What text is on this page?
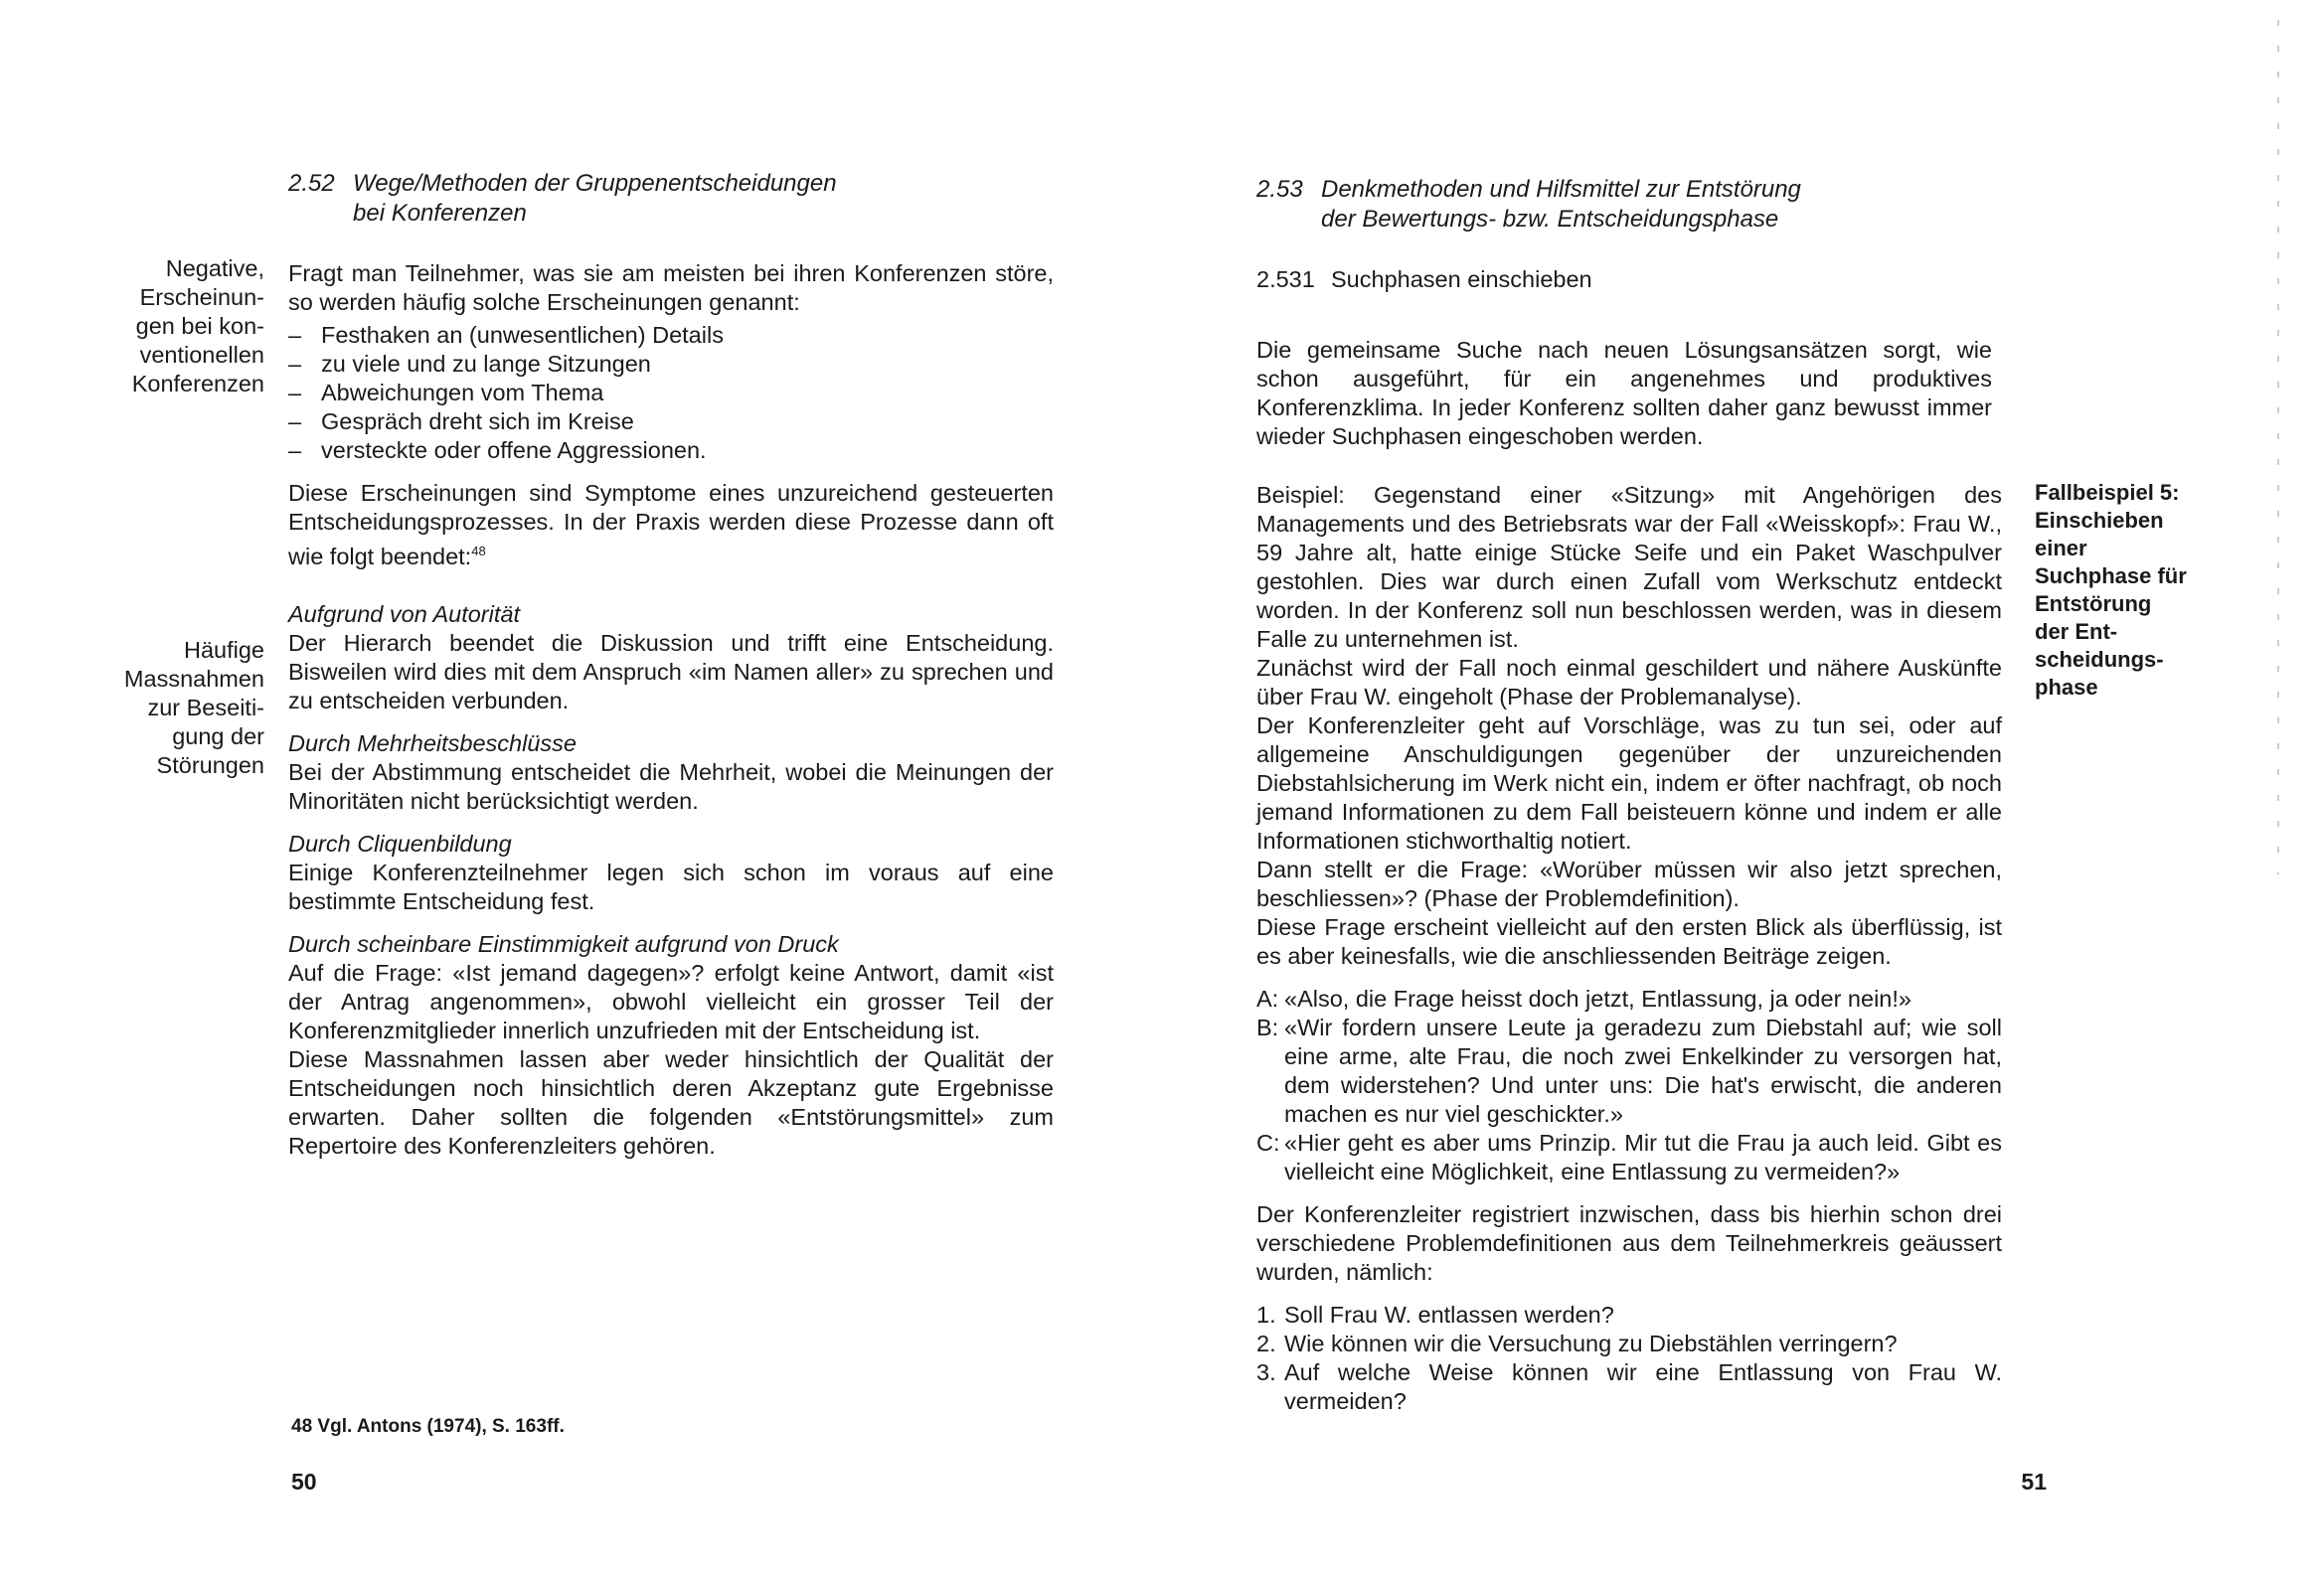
2.52 Wege/Methoden der Gruppenentscheidungen
bei Konferenzen
Negative,
Erscheinun-
gen bei kon-
ventionellen
Konferenzen
Häufige
Massnahmen
zur Beseiti-
gung der
Störungen

Fragt man Teilnehmer, was sie am meisten bei ihren Konferenzen störe, so werden häufig solche Erscheinungen genannt:

– Festhaken an (unwesentlichen) Details
– zu viele und zu lange Sitzungen
– Abweichungen vom Thema
– Gespräch dreht sich im Kreise
– versteckte oder offene Aggressionen.

Diese Erscheinungen sind Symptome eines unzureichend gesteuerten Entscheidungsprozesses. In der Praxis werden diese Prozesse dann oft wie folgt beendet:$^{48}$

Aufgrund von Autorität

Der Hierarch beendet die Diskussion und trifft eine Entscheidung. Bisweilen wird dies mit dem Anspruch «im Namen aller» zu sprechen und zu entscheiden verbunden.

Durch Mehrheitsbeschlüsse

Bei der Abstimmung entscheidet die Mehrheit, wobei die Meinungen der Minoritäten nicht berücksichtigt werden.

Durch Cliquenbildung

Einige Konferenzteilnehmer legen sich schon im voraus auf eine bestimmte Entscheidung fest.

Durch scheinbare Einstimmigkeit aufgrund von Druck

Auf die Frage: «Ist jemand dagegen»? erfolgt keine Antwort, damit «ist der Antrag angenommen», obwohl vielleicht ein grosser Teil der Konferenzmitglieder innerlich unzufrieden mit der Entscheidung ist.

Diese Massnahmen lassen aber weder hinsichtlich der Qualität der Entscheidungen noch hinsichtlich deren Akzeptanz gute Ergebnisse erwarten. Daher sollten die folgenden «Entstörungsmittel» zum Repertoire des Konferenzleiters gehören.

48 Vgl. Antons (1974), S. 163ff.
50
2.53 Denkmethoden und Hilfsmittel zur Entstörung
der Bewertungs- bzw. Entscheidungsphase
2.531 Suchphasen einschieben

Die gemeinsame Suche nach neuen Lösungsansätzen sorgt, wie schon ausgeführt, für ein angenehmes und produktives Konferenzklima. In jeder Konferenz sollten daher ganz bewusst immer wieder Suchphasen eingeschoben werden.

Fallbeispiel 5:
Einschieben
einer
Suchphase für
Entstörung
der Ent-
scheidungs-
phase

Beispiel: Gegenstand einer «Sitzung» mit Angehörigen des Managements und des Betriebsrats war der Fall «Weisskopf»: Frau W., 59 Jahre alt, hatte einige Stücke Seife und ein Paket Waschpulver gestohlen. Dies war durch einen Zufall vom Werkschutz entdeckt worden. In der Konferenz soll nun beschlossen werden, was in diesem Falle zu unternehmen ist.

Zunächst wird der Fall noch einmal geschildert und nähere Auskünfte über Frau W. eingeholt (Phase der Problemanalyse).

Der Konferenzleiter geht auf Vorschläge, was zu tun sei, oder auf allgemeine Anschuldigungen gegenüber der unzureichenden Diebstahlsicherung im Werk nicht ein, indem er öfter nachfragt, ob noch jemand Informationen zu dem Fall beisteuern könne und indem er alle Informationen stichworthaltig notiert.

Dann stellt er die Frage: «Worüber müssen wir also jetzt sprechen, beschliessen»? (Phase der Problemdefinition).

Diese Frage erscheint vielleicht auf den ersten Blick als überflüssig, ist es aber keinesfalls, wie die anschliessenden Beiträge zeigen.

A: «Also, die Frage heisst doch jetzt, Entlassung, ja oder nein!»
B: «Wir fordern unsere Leute ja geradezu zum Diebstahl auf; wie soll eine arme, alte Frau, die noch zwei Enkelkinder zu versorgen hat, dem widerstehen? Und unter uns: Die hat's erwischt, die anderen machen es nur viel geschickter.»
C: «Hier geht es aber ums Prinzip. Mir tut die Frau ja auch leid. Gibt es vielleicht eine Möglichkeit, eine Entlassung zu vermeiden?»

Der Konferenzleiter registriert inzwischen, dass bis hierhin schon drei verschiedene Problemdefinitionen aus dem Teilnehmerkreis geäussert wurden, nämlich:

1. Soll Frau W. entlassen werden?
2. Wie können wir die Versuchung zu Diebstählen verringern?
3. Auf welche Weise können wir eine Entlassung von Frau W. vermeiden?
51
